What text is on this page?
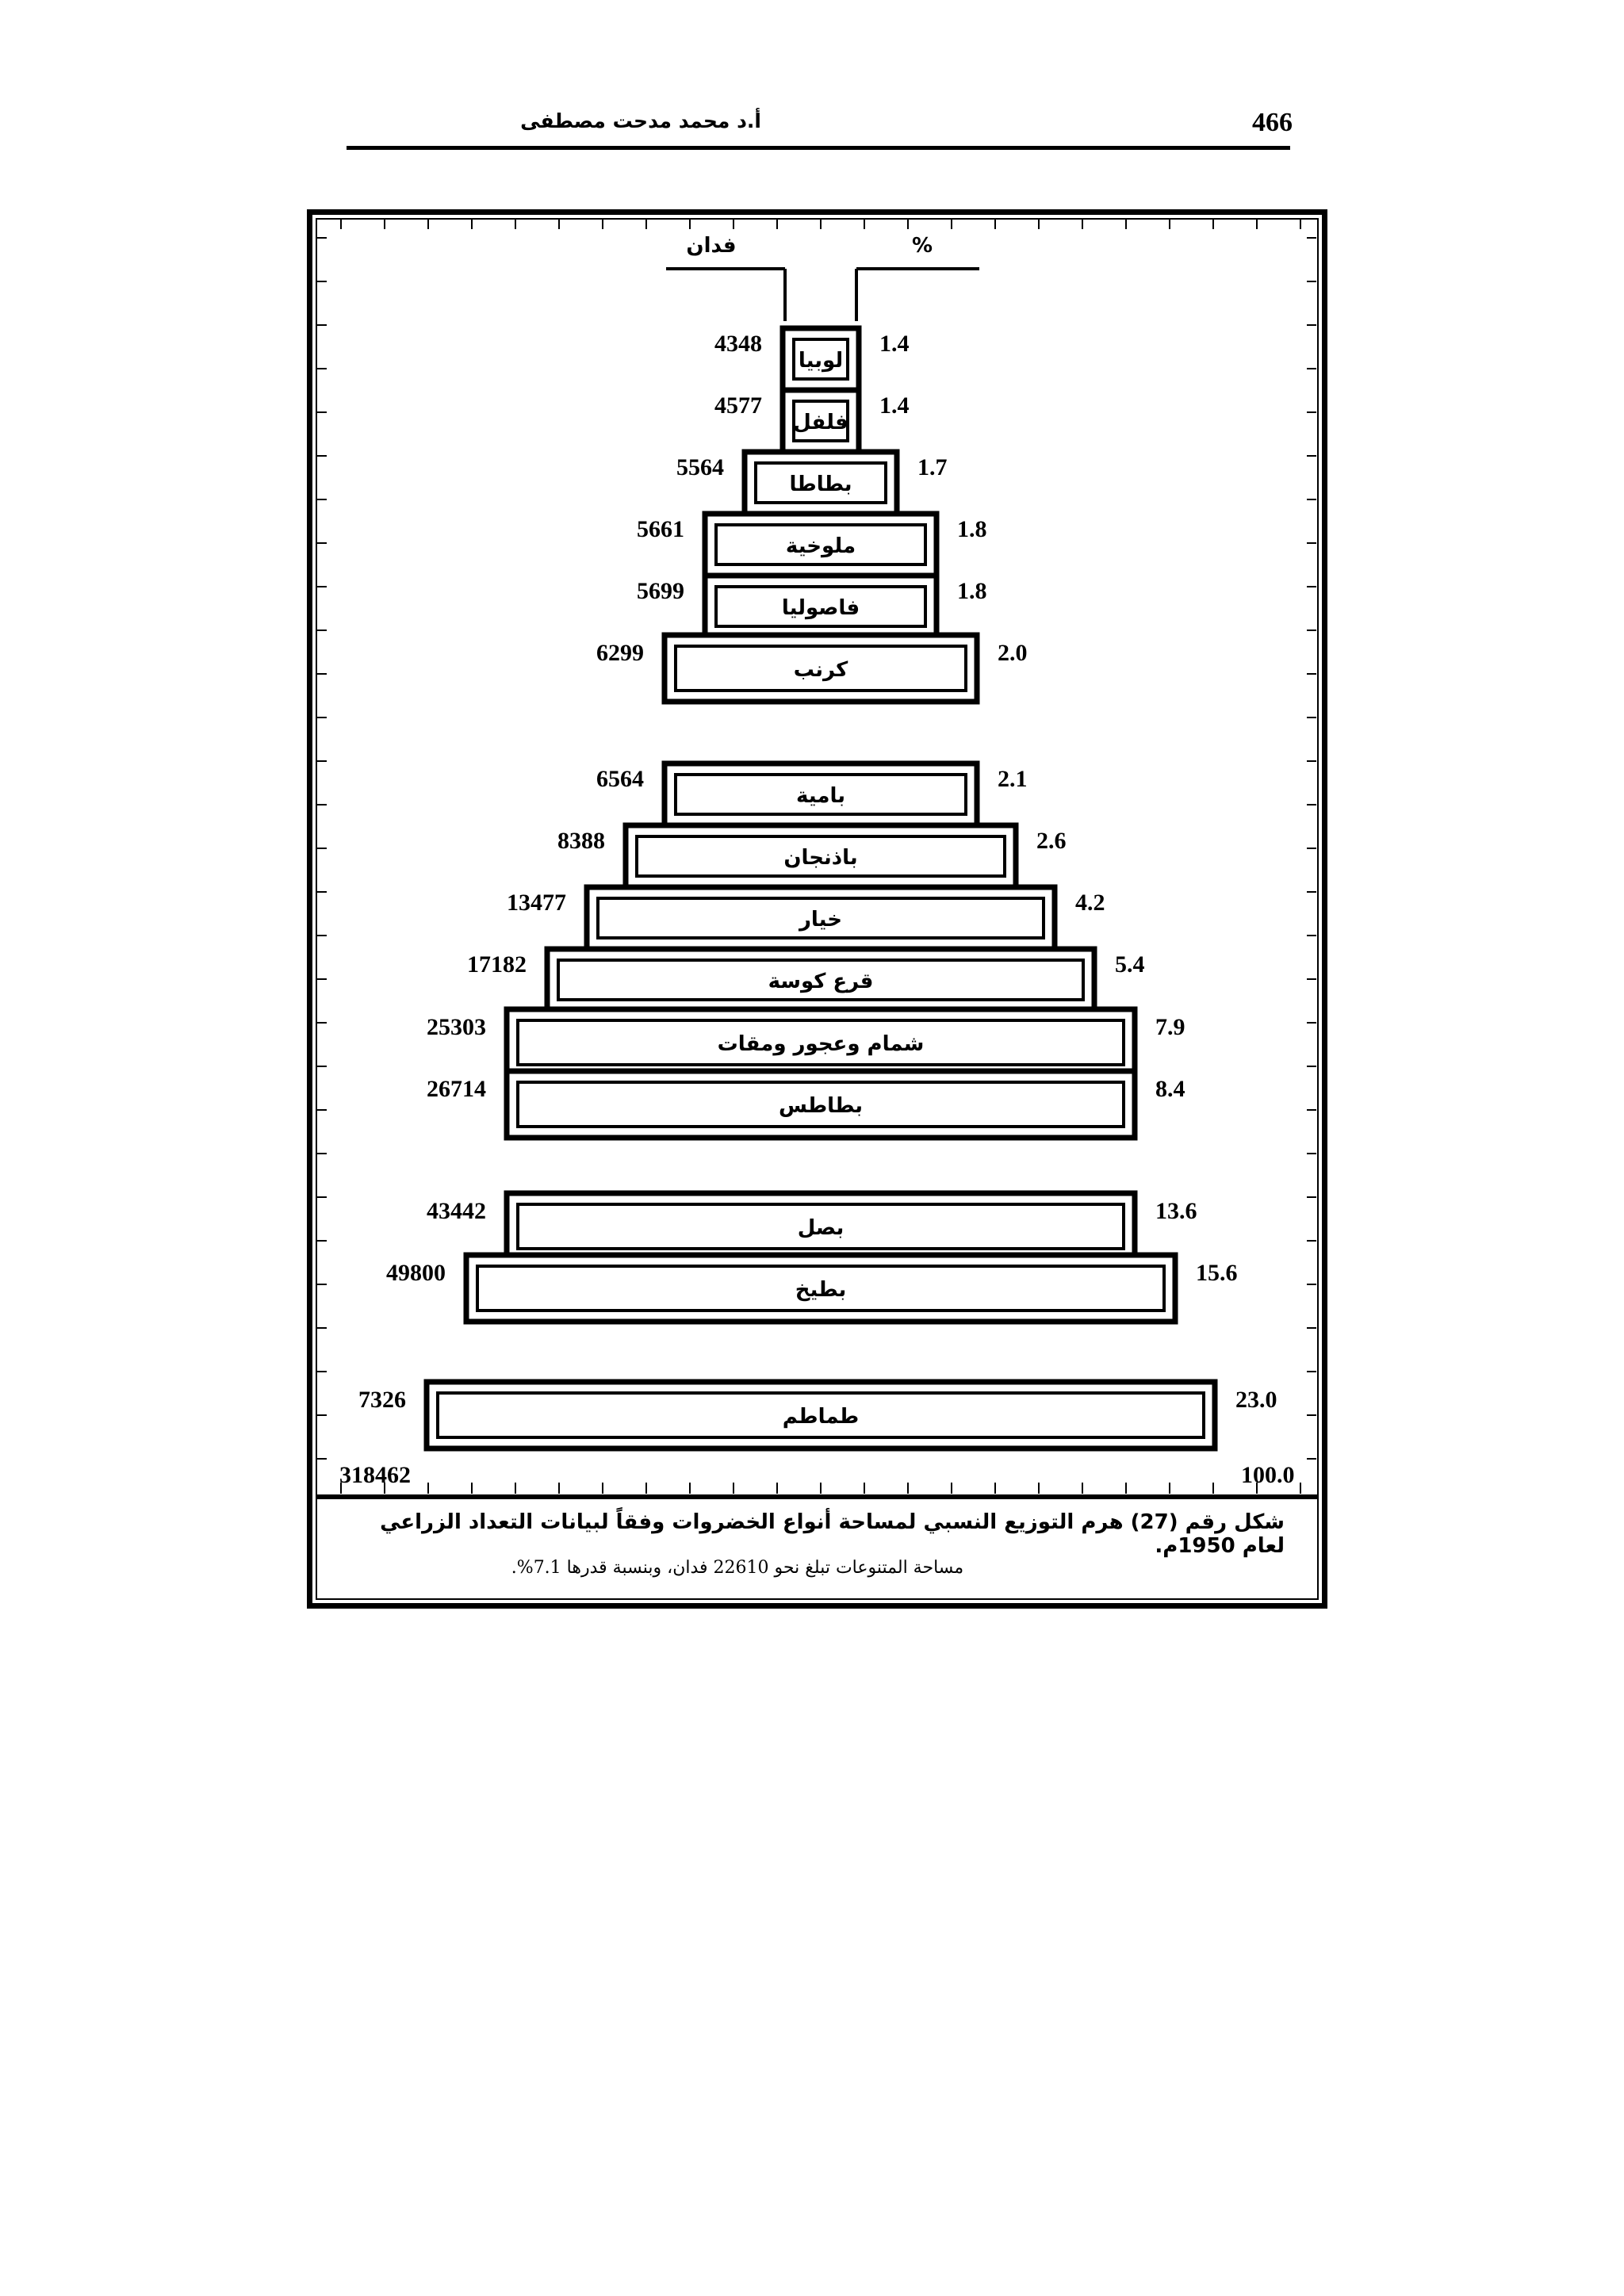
أ.د محمد مدحت مصطفى	466
فدان	%
لوبيا
4348	1.4
فلفل
4577	1.4
بطاطا
5564	1.7
ملوخية
5661	1.8
فاصوليا
5699	1.8
كرنب
6299	2.0
بامية
6564	2.1
باذنجان
8388	2.6
خيار
13477	4.2
قرع كوسة
17182	5.4
شمام وعجور ومقات
25303	7.9
بطاطس
26714	8.4
بصل
43442	13.6
بطيخ
49800	15.6
طماطم
7326	23.0
318462	100.0
شكل رقم (27) هرم التوزيع النسبي لمساحة أنواع الخضروات وفقاً لبيانات التعداد الزراعي لعام 1950م.
مساحة المتنوعات تبلغ نحو 22610 فدان، وبنسبة قدرها 7.1%.
